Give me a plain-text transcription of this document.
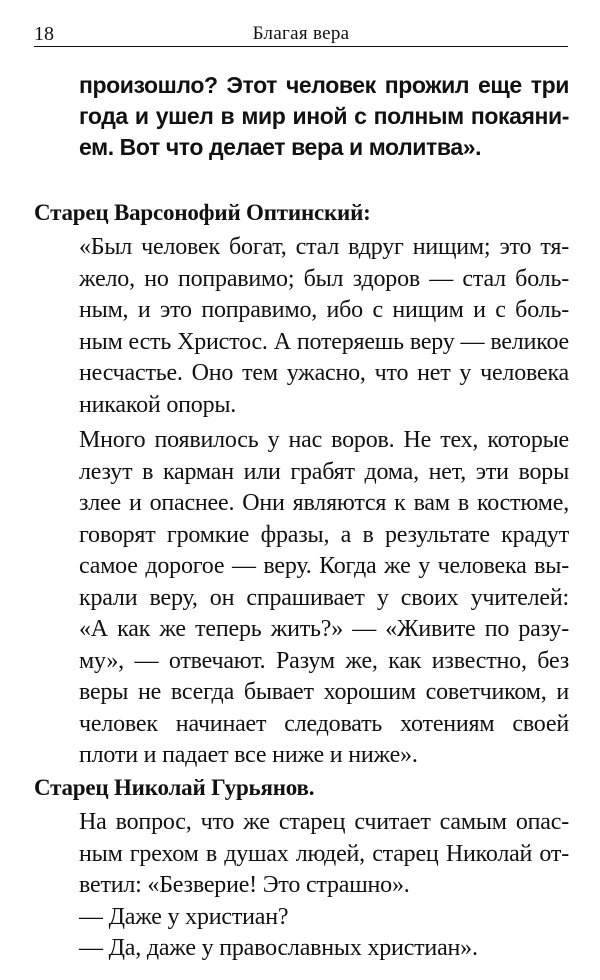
18	Благая вера
произошло? Этот человек прожил еще три
года и ушел в мир иной с полным покаяни-
ем. Вот что делает вера и молитва».
Старец Варсонофий Оптинский:
«Был человек богат, стал вдруг нищим; это тя-
жело, но поправимо; был здоров — стал боль-
ным, и это поправимо, ибо с нищим и с боль-
ным есть Христос. А потеряешь веру — великое
несчастье. Оно тем ужасно, что нет у человека
никакой опоры.
Много появилось у нас воров. Не тех, которые
лезут в карман или грабят дома, нет, эти воры
злее и опаснее. Они являются к вам в костюме,
говорят громкие фразы, а в результате крадут
самое дорогое — веру. Когда же у человека вы-
крали веру, он спрашивает у своих учителей:
«А как же теперь жить?» — «Живите по разу-
му», — отвечают. Разум же, как известно, без
веры не всегда бывает хорошим советчиком, и
человек начинает следовать хотениям своей
плоти и падает все ниже и ниже».
Старец Николай Гурьянов.
На вопрос, что же старец считает самым опас-
ным грехом в душах людей, старец Николай от-
ветил: «Безверие! Это страшно».
— Даже у христиан?
— Да, даже у православных христиан».
